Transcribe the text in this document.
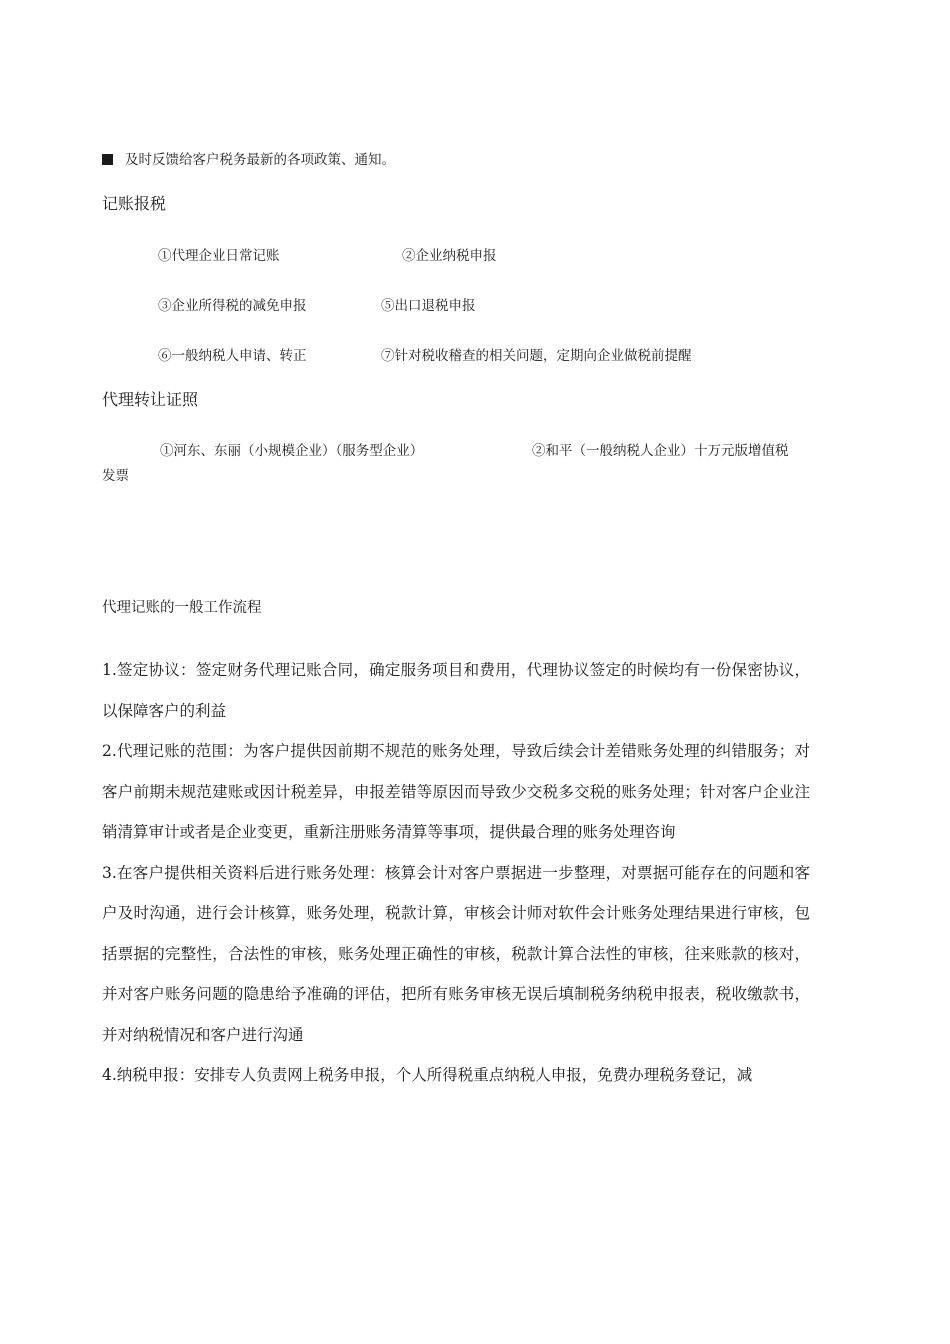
及时反馈给客户税务最新的各项政策、通知。
记账报税
①代理企业日常记账	②企业纳税申报
③企业所得税的减免申报	⑤出口退税申报
⑥一般纳税人申请、转正	⑦针对税收稽查的相关问题，定期向企业做税前提醒
代理转让证照
①河东、东丽（小规模企业）（服务型企业）	②和平（一般纳税人企业）十万元版增值税
发票
代理记账的一般工作流程

1.签定协议：签定财务代理记账合同，确定服务项目和费用，代理协议签定的时候均有一份保密协议，以保障客户的利益

2.代理记账的范围：为客户提供因前期不规范的账务处理，导致后续会计差错账务处理的纠错服务；对客户前期未规范建账或因计税差异，申报差错等原因而导致少交税多交税的账务处理；针对客户企业注销清算审计或者是企业变更，重新注册账务清算等事项，提供最合理的账务处理咨询

3.在客户提供相关资料后进行账务处理：核算会计对客户票据进一步整理，对票据可能存在的问题和客户及时沟通，进行会计核算，账务处理，税款计算，审核会计师对软件会计账务处理结果进行审核，包括票据的完整性，合法性的审核，账务处理正确性的审核，税款计算合法性的审核，往来账款的核对，并对客户账务问题的隐患给予准确的评估，把所有账务审核无误后填制税务纳税申报表，税收缴款书，并对纳税情况和客户进行沟通

4.纳税申报：安排专人负责网上税务申报，个人所得税重点纳税人申报，免费办理税务登记，减
